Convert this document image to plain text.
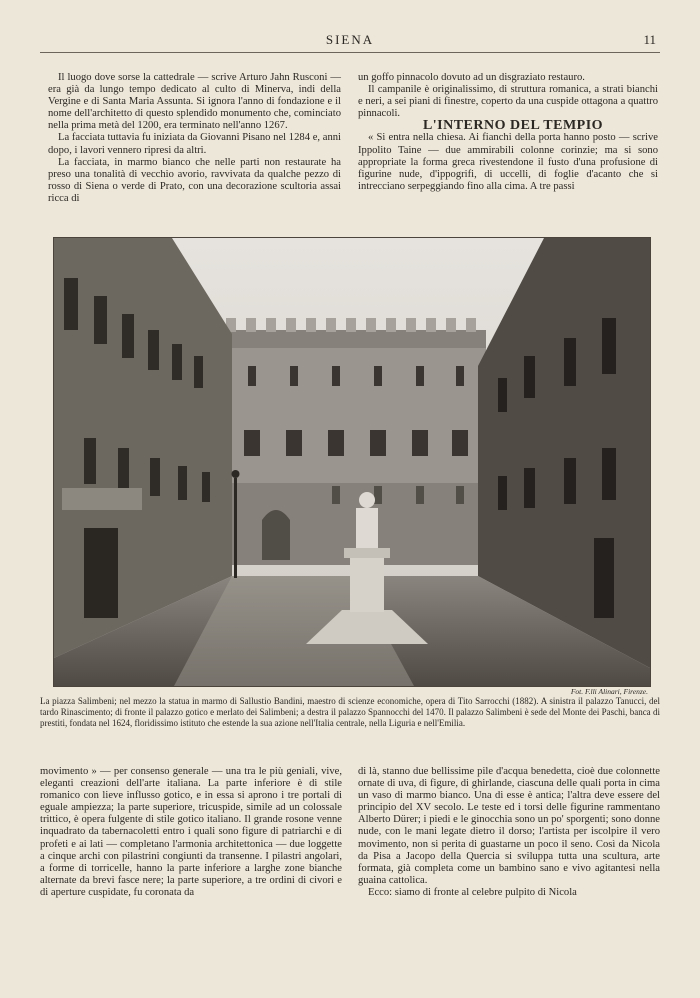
SIENA	11

Il luogo dove sorse la cattedrale — scrive Arturo Jahn Rusconi — era già da lungo tempo dedicato al culto di Minerva, indi della Vergine e di Santa Maria Assunta. Si ignora l'anno di fondazione e il nome dell'architetto di questo splendido monumento che, cominciato nella prima metà del 1200, era terminato nell'anno 1267.

La facciata tuttavia fu iniziata da Giovanni Pisano nel 1284 e, anni dopo, i lavori vennero ripresi da altri.

La facciata, in marmo bianco che nelle parti non restaurate ha preso una tonalità di vecchio avorio, ravvivata da qualche pezzo di rosso di Siena o verde di Prato, con una decorazione scultoria assai ricca di

un goffo pinnacolo dovuto ad un disgraziato restauro.

Il campanile è originalissimo, di struttura romanica, a strati bianchi e neri, a sei piani di finestre, coperto da una cuspide ottagona a quattro pinnacoli.

L'INTERNO DEL TEMPIO

« Si entra nella chiesa. Ai fianchi della porta hanno posto — scrive Ippolito Taine — due ammirabili colonne corinzie; ma si sono appropriate la forma greca rivestendone il fusto d'una profusione di figurine nude, d'ippogrifi, di uccelli, di foglie d'acanto che si intrecciano serpeggiando fino alla cima. A tre passi

Fot. F.lli Alinari, Firenze.
La piazza Salimbeni; nel mezzo la statua in marmo di Sallustio Bandini, maestro di scienze economiche, opera di Tito Sarrocchi (1882). A sinistra il palazzo Tanucci, del tardo Rinascimento; di fronte il palazzo gotico e merlato dei Salimbeni; a destra il palazzo Spannocchi del 1470. Il palazzo Salimbeni è sede del Monte dei Paschi, banca di prestiti, fondata nel 1624, floridissimo istituto che estende la sua azione nell'Italia centrale, nella Liguria e nell'Emilia.

movimento » — per consenso generale — una tra le più geniali, vive, eleganti creazioni dell'arte italiana. La parte inferiore è di stile romanico con lieve influsso gotico, e in essa si aprono i tre portali di eguale ampiezza; la parte superiore, tricuspide, simile ad un colossale trittico, è opera fulgente di stile gotico italiano. Il grande rosone venne inquadrato da tabernacoletti entro i quali sono figure di patriarchi e di profeti e ai lati — completano l'armonia architettonica — due loggette a cinque archi con pilastrini congiunti da transenne. I pilastri angolari, a forme di torricelle, hanno la parte inferiore a larghe zone bianche alternate da brevi fasce nere; la parte superiore, a tre ordini di civori e di aperture cuspidate, fu coronata da

di là, stanno due bellissime pile d'acqua benedetta, cioè due colonnette ornate di uva, di figure, di ghirlande, ciascuna delle quali porta in cima un vaso di marmo bianco. Una di esse è antica; l'altra deve essere del principio del XV secolo. Le teste ed i torsi delle figurine rammentano Alberto Dürer; i piedi e le ginocchia sono un po' sporgenti; sono donne nude, con le mani legate dietro il dorso; l'artista per iscolpire il vero movimento, non si perita di guastarne un poco il seno. Così da Nicola da Pisa a Jacopo della Quercia si sviluppa tutta una scultura, arte formata, già completa come un bambino sano e vivo agitantesi nella guaina cattolica.

Ecco: siamo di fronte al celebre pulpito di Nicola
